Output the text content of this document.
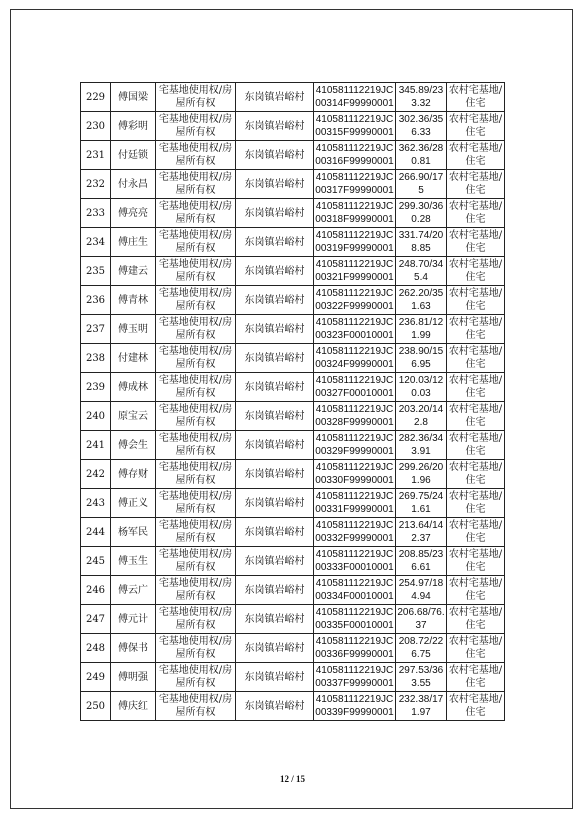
229	傅国梁	宅基地使用权/房屋所有权	东岗镇岩峪村	410581112219JC00314F99990001	345.89/233.32	农村宅基地/住宅
230	傅彩明	宅基地使用权/房屋所有权	东岗镇岩峪村	410581112219JC00315F99990001	302.36/356.33	农村宅基地/住宅
231	付廷锁	宅基地使用权/房屋所有权	东岗镇岩峪村	410581112219JC00316F99990001	362.36/280.81	农村宅基地/住宅
232	付永昌	宅基地使用权/房屋所有权	东岗镇岩峪村	410581112219JC00317F99990001	266.90/175	农村宅基地/住宅
233	傅亮亮	宅基地使用权/房屋所有权	东岗镇岩峪村	410581112219JC00318F99990001	299.30/360.28	农村宅基地/住宅
234	傅庄生	宅基地使用权/房屋所有权	东岗镇岩峪村	410581112219JC00319F99990001	331.74/208.85	农村宅基地/住宅
235	傅建云	宅基地使用权/房屋所有权	东岗镇岩峪村	410581112219JC00321F99990001	248.70/345.4	农村宅基地/住宅
236	傅青林	宅基地使用权/房屋所有权	东岗镇岩峪村	410581112219JC00322F99990001	262.20/351.63	农村宅基地/住宅
237	傅玉明	宅基地使用权/房屋所有权	东岗镇岩峪村	410581112219JC00323F00010001	236.81/121.99	农村宅基地/住宅
238	付建林	宅基地使用权/房屋所有权	东岗镇岩峪村	410581112219JC00324F99990001	238.90/156.95	农村宅基地/住宅
239	傅成林	宅基地使用权/房屋所有权	东岗镇岩峪村	410581112219JC00327F00010001	120.03/120.03	农村宅基地/住宅
240	原宝云	宅基地使用权/房屋所有权	东岗镇岩峪村	410581112219JC00328F99990001	203.20/142.8	农村宅基地/住宅
241	傅会生	宅基地使用权/房屋所有权	东岗镇岩峪村	410581112219JC00329F99990001	282.36/343.91	农村宅基地/住宅
242	傅存财	宅基地使用权/房屋所有权	东岗镇岩峪村	410581112219JC00330F99990001	299.26/201.96	农村宅基地/住宅
243	傅正义	宅基地使用权/房屋所有权	东岗镇岩峪村	410581112219JC00331F99990001	269.75/241.61	农村宅基地/住宅
244	杨军民	宅基地使用权/房屋所有权	东岗镇岩峪村	410581112219JC00332F99990001	213.64/142.37	农村宅基地/住宅
245	傅玉生	宅基地使用权/房屋所有权	东岗镇岩峪村	410581112219JC00333F00010001	208.85/236.61	农村宅基地/住宅
246	傅云广	宅基地使用权/房屋所有权	东岗镇岩峪村	410581112219JC00334F00010001	254.97/184.94	农村宅基地/住宅
247	傅元计	宅基地使用权/房屋所有权	东岗镇岩峪村	410581112219JC00335F00010001	206.68/76.37	农村宅基地/住宅
248	傅保书	宅基地使用权/房屋所有权	东岗镇岩峪村	410581112219JC00336F99990001	208.72/226.75	农村宅基地/住宅
249	傅明强	宅基地使用权/房屋所有权	东岗镇岩峪村	410581112219JC00337F99990001	297.53/363.55	农村宅基地/住宅
250	傅庆红	宅基地使用权/房屋所有权	东岗镇岩峪村	410581112219JC00339F99990001	232.38/171.97	农村宅基地/住宅
12 / 15
